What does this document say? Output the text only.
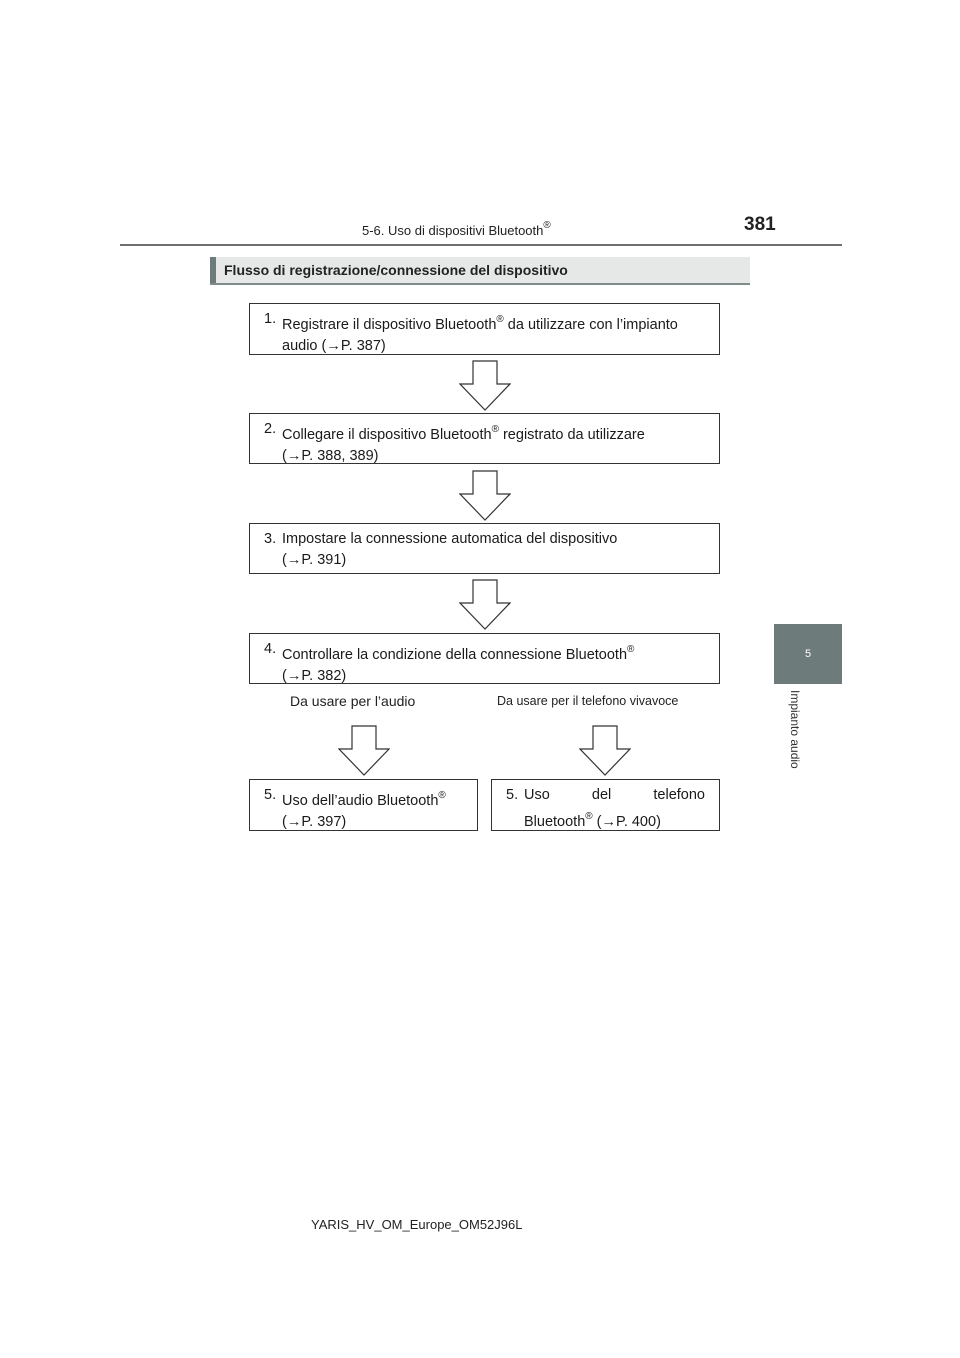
5-6. Uso di dispositivi Bluetooth®	381
5
Impianto audio
Flusso di registrazione/connessione del dispositivo
1. Registrare il dispositivo Bluetooth® da utilizzare con l’impianto
audio (→P. 387)
2. Collegare il dispositivo Bluetooth® registrato da utilizzare
(→P. 388, 389)
3. Impostare la connessione automatica del dispositivo
(→P. 391)
4. Controllare la condizione della connessione Bluetooth®
(→P. 382)
Da usare per l’audio	Da usare per il telefono vivavoce
5. Uso dell’audio Bluetooth®
(→P. 397)
5. Uso	del	telefono
Bluetooth® (→P. 400)
YARIS_HV_OM_Europe_OM52J96L
